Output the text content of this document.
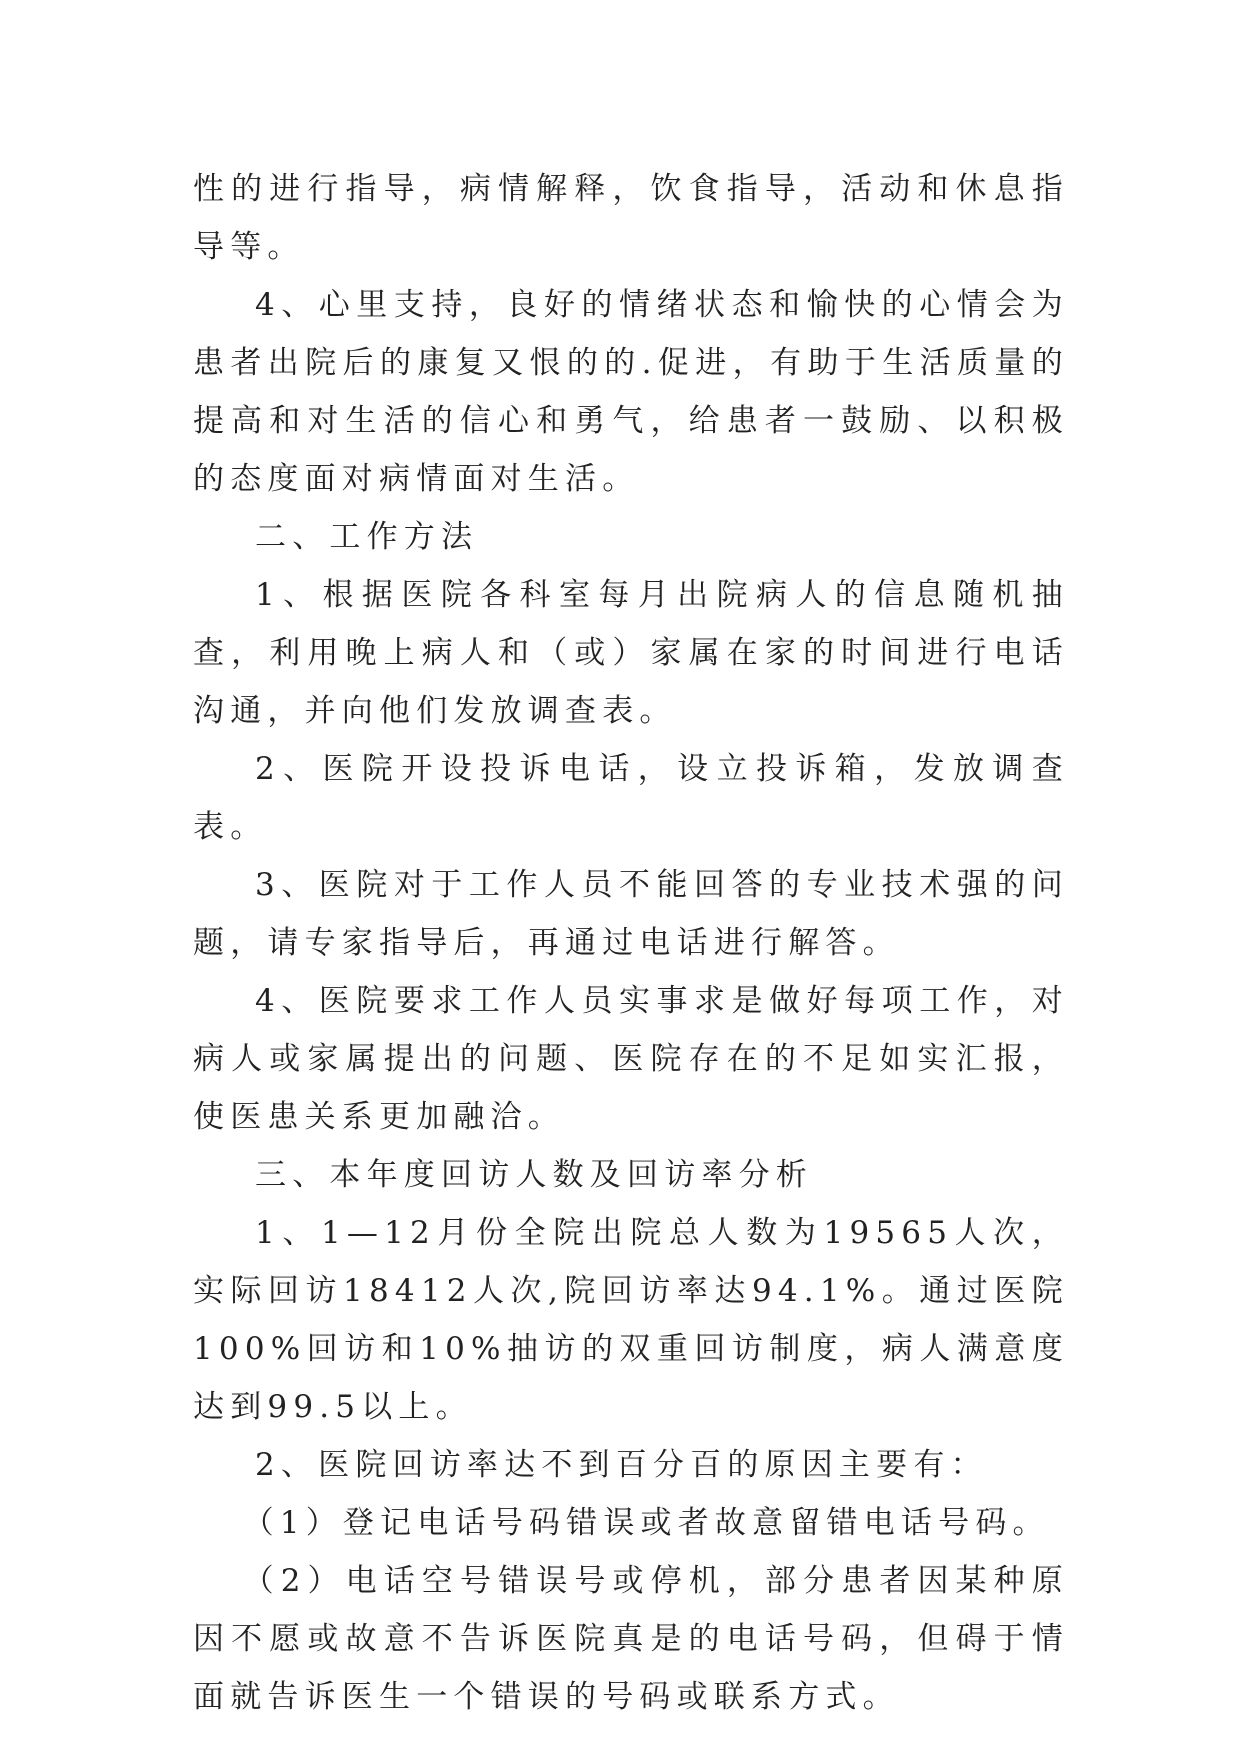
性的进行指导，病情解释，饮食指导，活动和休息指导等。

4、心里支持，良好的情绪状态和愉快的心情会为患者出院后的康复又恨的的.促进，有助于生活质量的提高和对生活的信心和勇气，给患者一鼓励、以积极的态度面对病情面对生活。

二、工作方法

1、根据医院各科室每月出院病人的信息随机抽查，利用晚上病人和（或）家属在家的时间进行电话沟通，并向他们发放调查表。

2、医院开设投诉电话，设立投诉箱，发放调查表。

3、医院对于工作人员不能回答的专业技术强的问题，请专家指导后，再通过电话进行解答。

4、医院要求工作人员实事求是做好每项工作，对病人或家属提出的问题、医院存在的不足如实汇报，使医患关系更加融洽。

三、本年度回访人数及回访率分析

1、1—12月份全院出院总人数为19565人次，实际回访18412人次,院回访率达94.1%。通过医院100%回访和10%抽访的双重回访制度，病人满意度达到99.5以上。

2、医院回访率达不到百分百的原因主要有：

（1）登记电话号码错误或者故意留错电话号码。

（2）电话空号错误号或停机，部分患者因某种原因不愿或故意不告诉医院真是的电话号码，但碍于情面就告诉医生一个错误的号码或联系方式。
